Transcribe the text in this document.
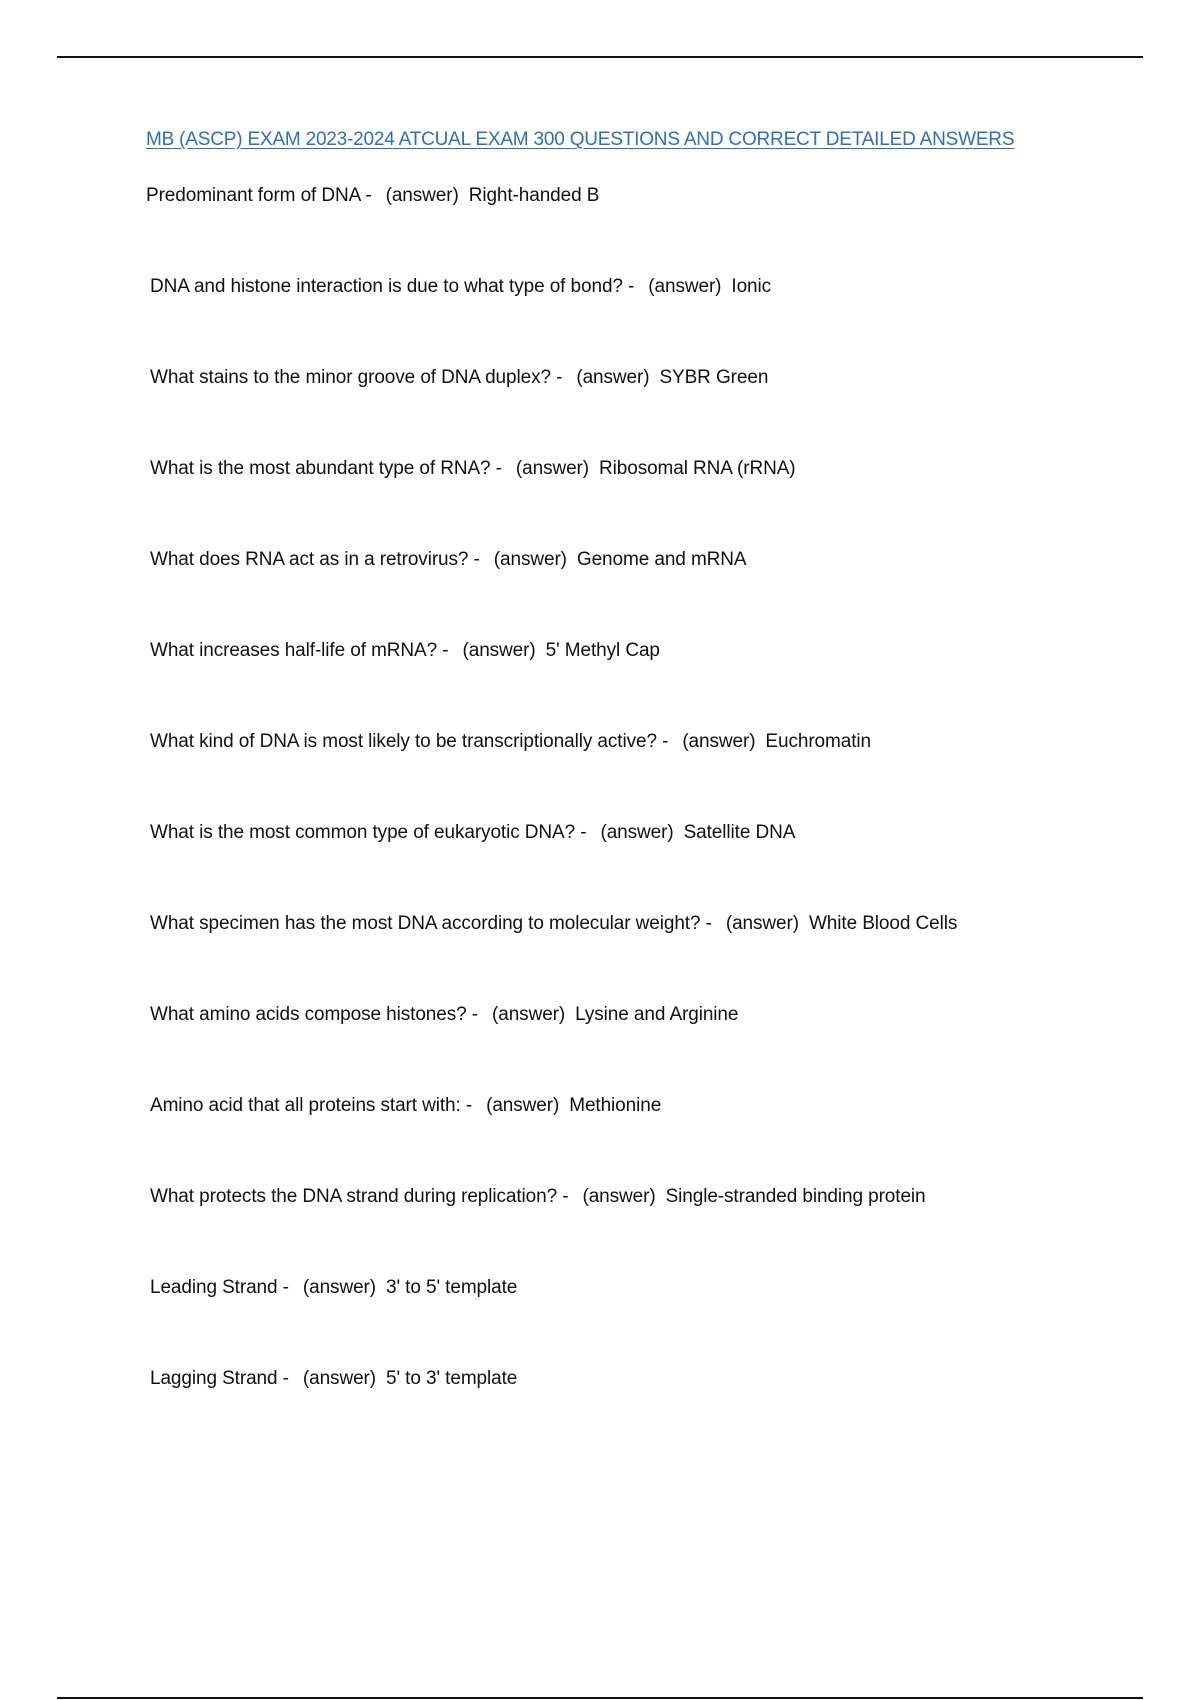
MB (ASCP) EXAM 2023-2024 ATCUAL EXAM 300 QUESTIONS AND CORRECT DETAILED ANSWERS
Predominant form of DNA - (answer) Right-handed B
DNA and histone interaction is due to what type of bond? - (answer) Ionic
What stains to the minor groove of DNA duplex? - (answer) SYBR Green
What is the most abundant type of RNA? - (answer) Ribosomal RNA (rRNA)
What does RNA act as in a retrovirus? - (answer) Genome and mRNA
What increases half-life of mRNA? - (answer) 5' Methyl Cap
What kind of DNA is most likely to be transcriptionally active? - (answer) Euchromatin
What is the most common type of eukaryotic DNA? - (answer) Satellite DNA
What specimen has the most DNA according to molecular weight? - (answer) White Blood Cells
What amino acids compose histones? - (answer) Lysine and Arginine
Amino acid that all proteins start with: - (answer) Methionine
What protects the DNA strand during replication? - (answer) Single-stranded binding protein
Leading Strand - (answer) 3' to 5' template
Lagging Strand - (answer) 5' to 3' template
